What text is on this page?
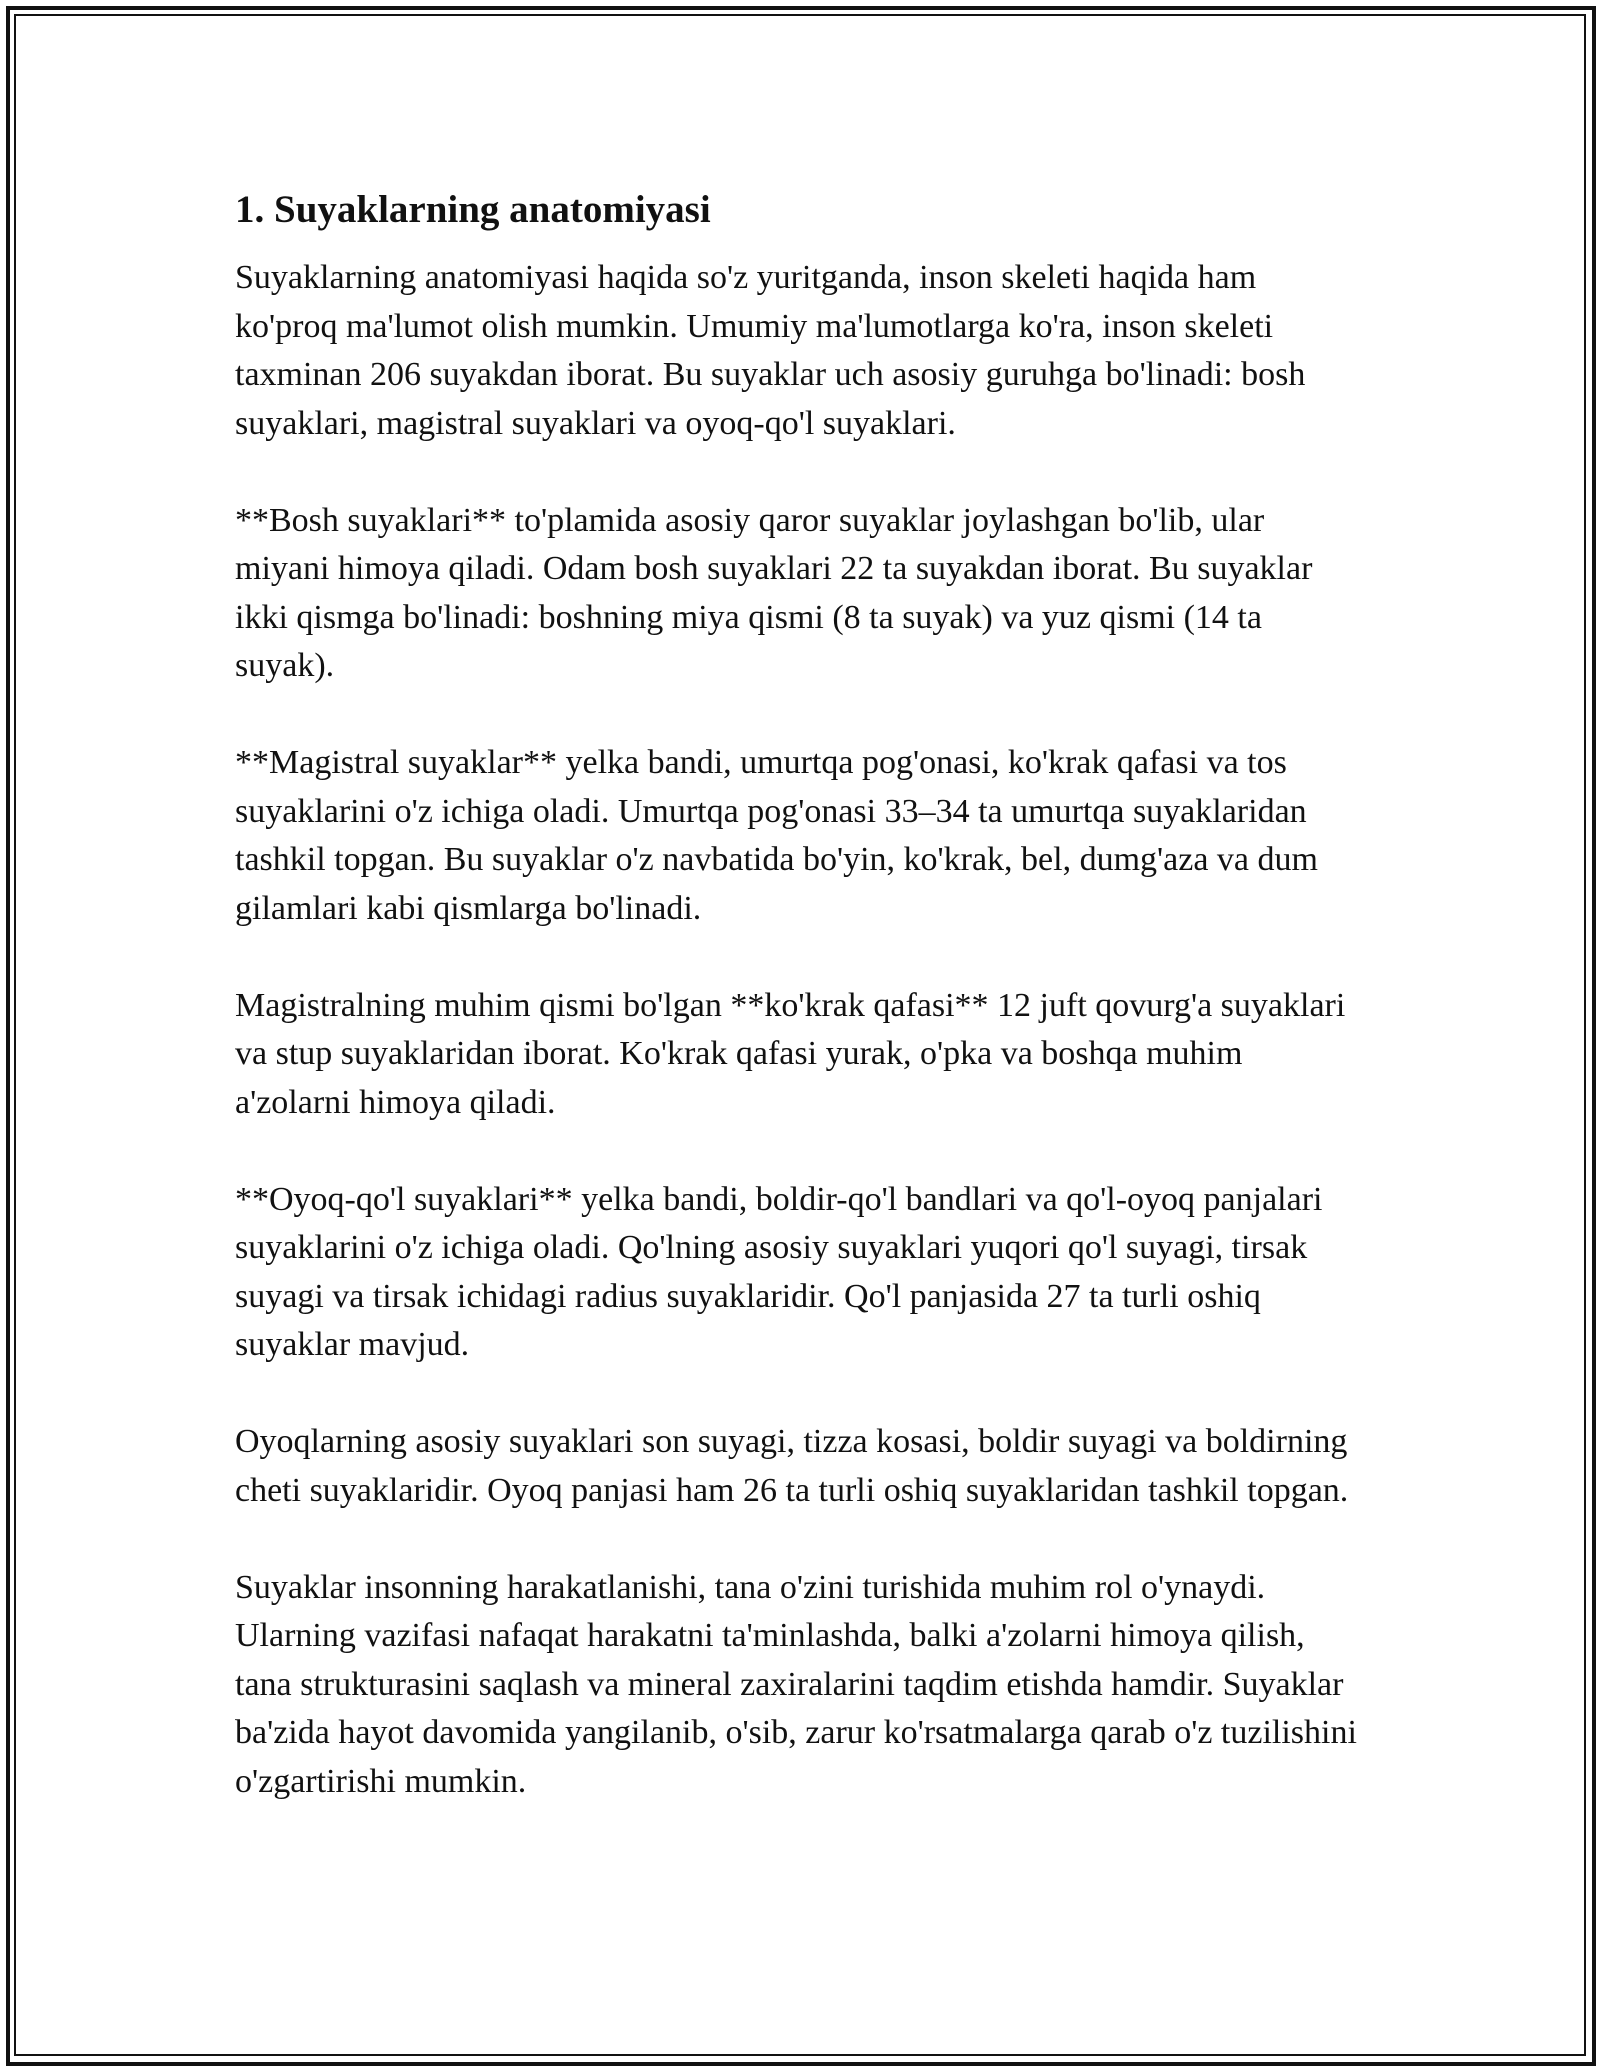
1. Suyaklarning anatomiyasi

Suyaklarning anatomiyasi haqida so'z yuritganda, inson skeleti haqida ham ko'proq ma'lumot olish mumkin. Umumiy ma'lumotlarga ko'ra, inson skeleti taxminan 206 suyakdan iborat. Bu suyaklar uch asosiy guruhga bo'linadi: bosh suyaklari, magistral suyaklari va oyoq-qo'l suyaklari.

**Bosh suyaklari** to'plamida asosiy qaror suyaklar joylashgan bo'lib, ular miyani himoya qiladi. Odam bosh suyaklari 22 ta suyakdan iborat. Bu suyaklar ikki qismga bo'linadi: boshning miya qismi (8 ta suyak) va yuz qismi (14 ta suyak).

**Magistral suyaklar** yelka bandi, umurtqa pog'onasi, ko'krak qafasi va tos suyaklarini o'z ichiga oladi. Umurtqa pog'onasi 33–34 ta umurtqa suyaklaridan tashkil topgan. Bu suyaklar o'z navbatida bo'yin, ko'krak, bel, dumg'aza va dum gilamlari kabi qismlarga bo'linadi.

Magistralning muhim qismi bo'lgan **ko'krak qafasi** 12 juft qovurg'a suyaklari va stup suyaklaridan iborat. Ko'krak qafasi yurak, o'pka va boshqa muhim a'zolarni himoya qiladi.

**Oyoq-qo'l suyaklari** yelka bandi, boldir-qo'l bandlari va qo'l-oyoq panjalari suyaklarini o'z ichiga oladi. Qo'lning asosiy suyaklari yuqori qo'l suyagi, tirsak suyagi va tirsak ichidagi radius suyaklaridir. Qo'l panjasida 27 ta turli oshiq suyaklar mavjud.

Oyoqlarning asosiy suyaklari son suyagi, tizza kosasi, boldir suyagi va boldirning cheti suyaklaridir. Oyoq panjasi ham 26 ta turli oshiq suyaklaridan tashkil topgan.

Suyaklar insonning harakatlanishi, tana o'zini turishida muhim rol o'ynaydi. Ularning vazifasi nafaqat harakatni ta'minlashda, balki a'zolarni himoya qilish, tana strukturasini saqlash va mineral zaxiralarini taqdim etishda hamdir. Suyaklar ba'zida hayot davomida yangilanib, o'sib, zarur ko'rsatmalarga qarab o'z tuzilishini o'zgartirishi mumkin.
